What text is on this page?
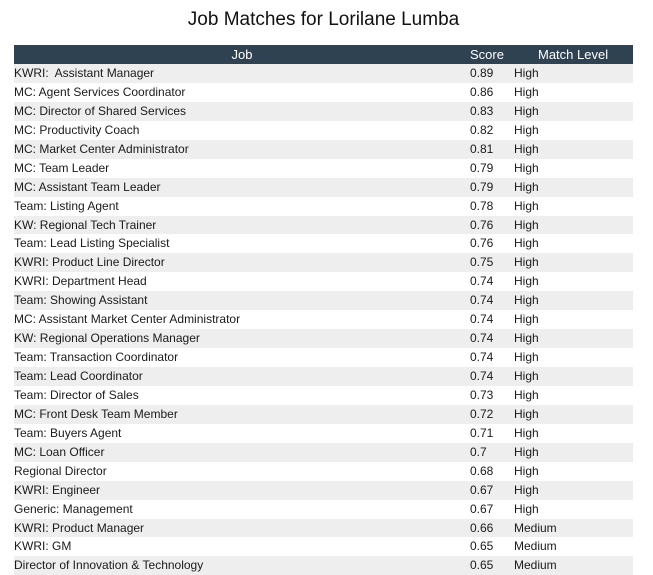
Job Matches for Lorilane Lumba
Job	Score	Match Level
KWRI:  Assistant Manager	0.89	High
MC: Agent Services Coordinator	0.86	High
MC: Director of Shared Services	0.83	High
MC: Productivity Coach	0.82	High
MC: Market Center Administrator	0.81	High
MC: Team Leader	0.79	High
MC: Assistant Team Leader	0.79	High
Team: Listing Agent	0.78	High
KW: Regional Tech Trainer	0.76	High
Team: Lead Listing Specialist	0.76	High
KWRI: Product Line Director	0.75	High
KWRI: Department Head	0.74	High
Team: Showing Assistant	0.74	High
MC: Assistant Market Center Administrator	0.74	High
KW: Regional Operations Manager	0.74	High
Team: Transaction Coordinator	0.74	High
Team: Lead Coordinator	0.74	High
Team: Director of Sales	0.73	High
MC: Front Desk Team Member	0.72	High
Team: Buyers Agent	0.71	High
MC: Loan Officer	0.7	High
Regional Director	0.68	High
KWRI: Engineer	0.67	High
Generic: Management	0.67	High
KWRI: Product Manager	0.66	Medium
KWRI: GM	0.65	Medium
Director of Innovation & Technology	0.65	Medium
